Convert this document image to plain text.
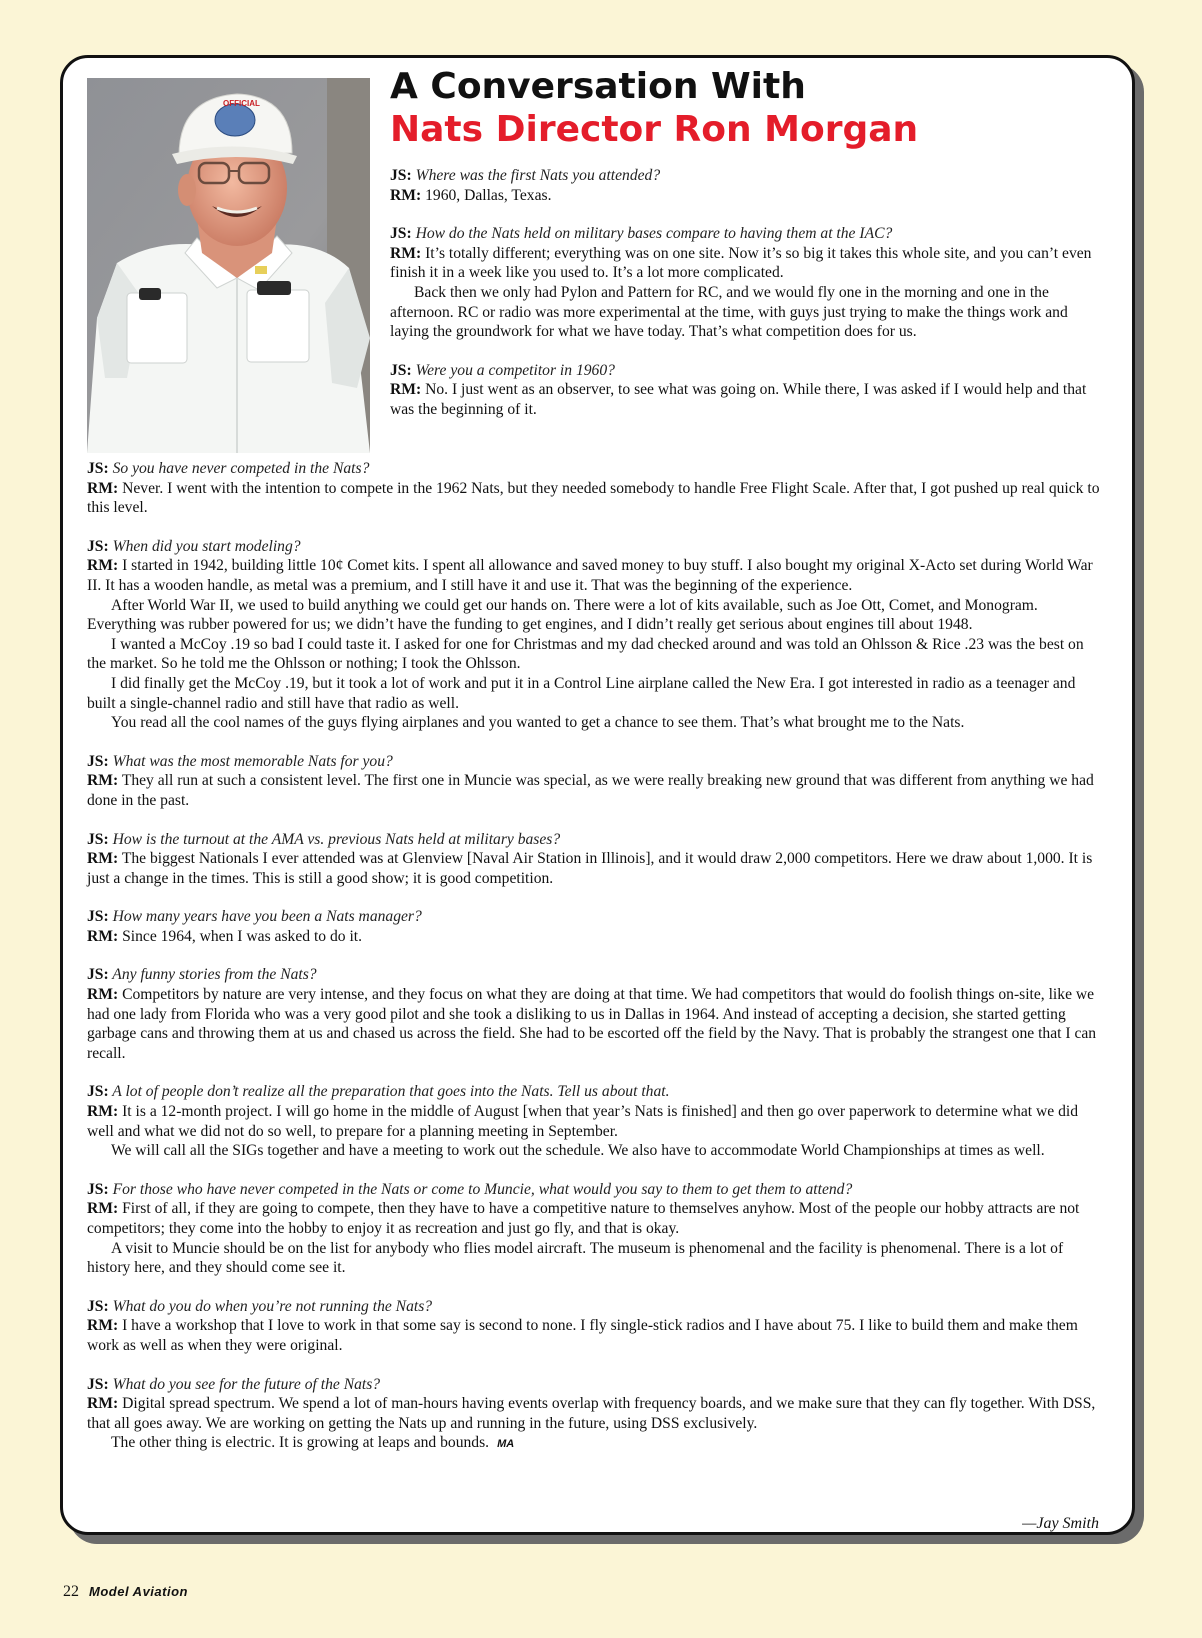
OFFICIAL	A Conversation With
Nats Director Ron Morgan
JS: Where was the first Nats you attended?
RM: 1960, Dallas, Texas.
JS: How do the Nats held on military bases compare to having them at the IAC?
RM: It’s totally different; everything was on one site. Now it’s so big it takes this whole site, and you can’t even finish it in a week like you used to. It’s a lot more complicated.
Back then we only had Pylon and Pattern for RC, and we would fly one in the morning and one in the afternoon. RC or radio was more experimental at the time, with guys just trying to make the things work and laying the groundwork for what we have today. That’s what competition does for us.
JS: Were you a competitor in 1960?
RM: No. I just went as an observer, to see what was going on. While there, I was asked if I would help and that was the beginning of it.
JS: So you have never competed in the Nats?
RM: Never. I went with the intention to compete in the 1962 Nats, but they needed somebody to handle Free Flight Scale. After that, I got pushed up real quick to this level.
JS: When did you start modeling?
RM: I started in 1942, building little 10¢ Comet kits. I spent all allowance and saved money to buy stuff. I also bought my original X-Acto set during World War II. It has a wooden handle, as metal was a premium, and I still have it and use it. That was the beginning of the experience.
After World War II, we used to build anything we could get our hands on. There were a lot of kits available, such as Joe Ott, Comet, and Monogram. Everything was rubber powered for us; we didn’t have the funding to get engines, and I didn’t really get serious about engines till about 1948.
I wanted a McCoy .19 so bad I could taste it. I asked for one for Christmas and my dad checked around and was told an Ohlsson & Rice .23 was the best on the market. So he told me the Ohlsson or nothing; I took the Ohlsson.
I did finally get the McCoy .19, but it took a lot of work and put it in a Control Line airplane called the New Era. I got interested in radio as a teenager and built a single-channel radio and still have that radio as well.
You read all the cool names of the guys flying airplanes and you wanted to get a chance to see them. That’s what brought me to the Nats.
JS: What was the most memorable Nats for you?
RM: They all run at such a consistent level. The first one in Muncie was special, as we were really breaking new ground that was different from anything we had done in the past.
JS: How is the turnout at the AMA vs. previous Nats held at military bases?
RM: The biggest Nationals I ever attended was at Glenview [Naval Air Station in Illinois], and it would draw 2,000 competitors. Here we draw about 1,000. It is just a change in the times. This is still a good show; it is good competition.
JS: How many years have you been a Nats manager?
RM: Since 1964, when I was asked to do it.
JS: Any funny stories from the Nats?
RM: Competitors by nature are very intense, and they focus on what they are doing at that time. We had competitors that would do foolish things on-site, like we had one lady from Florida who was a very good pilot and she took a disliking to us in Dallas in 1964. And instead of accepting a decision, she started getting garbage cans and throwing them at us and chased us across the field. She had to be escorted off the field by the Navy. That is probably the strangest one that I can recall.
JS: A lot of people don’t realize all the preparation that goes into the Nats. Tell us about that.
RM: It is a 12-month project. I will go home in the middle of August [when that year’s Nats is finished] and then go over paperwork to determine what we did well and what we did not do so well, to prepare for a planning meeting in September.
We will call all the SIGs together and have a meeting to work out the schedule. We also have to accommodate World Championships at times as well.
JS: For those who have never competed in the Nats or come to Muncie, what would you say to them to get them to attend?
RM: First of all, if they are going to compete, then they have to have a competitive nature to themselves anyhow. Most of the people our hobby attracts are not competitors; they come into the hobby to enjoy it as recreation and just go fly, and that is okay.
A visit to Muncie should be on the list for anybody who flies model aircraft. The museum is phenomenal and the facility is phenomenal. There is a lot of history here, and they should come see it.
JS: What do you do when you’re not running the Nats?
RM: I have a workshop that I love to work in that some say is second to none. I fly single-stick radios and I have about 75. I like to build them and make them work as well as when they were original.
JS: What do you see for the future of the Nats?
RM: Digital spread spectrum. We spend a lot of man-hours having events overlap with frequency boards, and we make sure that they can fly together. With DSS, that all goes away. We are working on getting the Nats up and running in the future, using DSS exclusively.
The other thing is electric. It is growing at leaps and bounds. MA
—Jay Smith
22 Model Aviation
